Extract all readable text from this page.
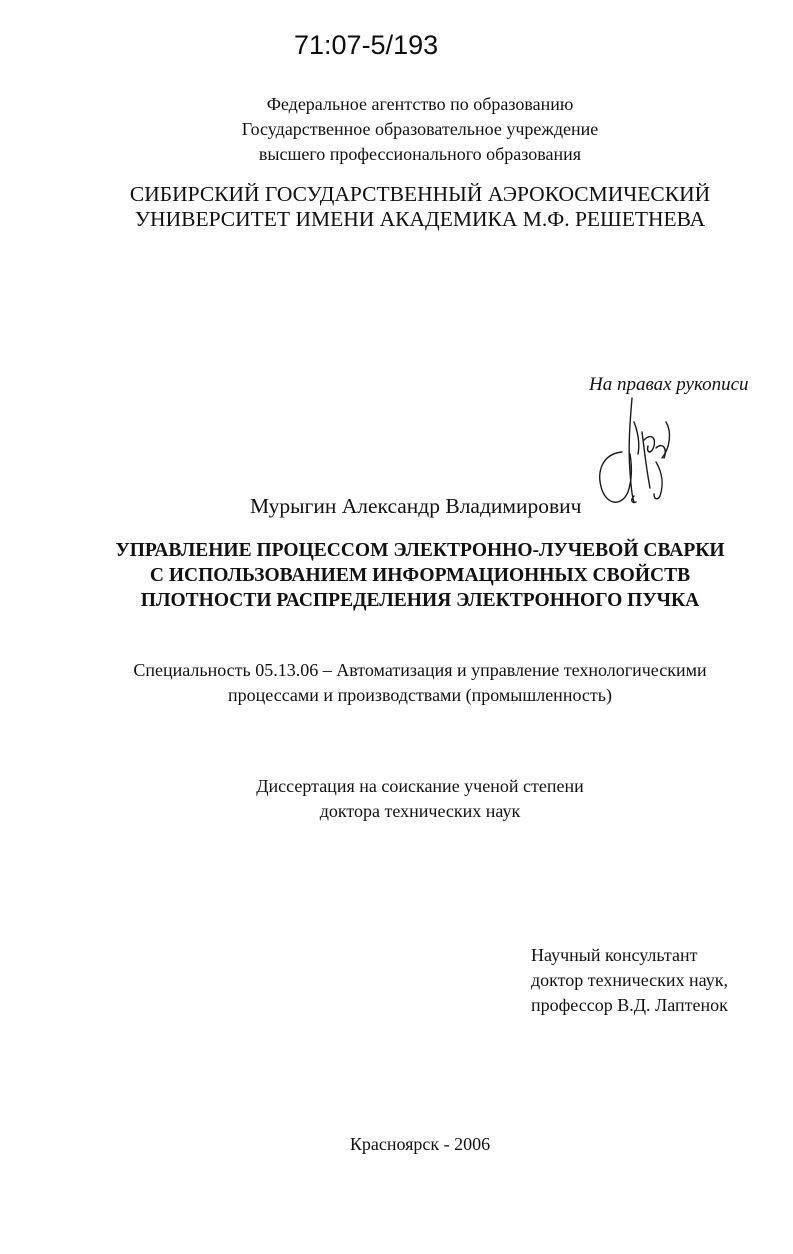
71:07-5/193
Федеральное агентство по образованию
Государственное образовательное учреждение
высшего профессионального образования
СИБИРСКИЙ ГОСУДАРСТВЕННЫЙ АЭРОКОСМИЧЕСКИЙ
УНИВЕРСИТЕТ ИМЕНИ АКАДЕМИКА М.Ф. РЕШЕТНЕВА
На правах рукописи
Мурыгин Александр Владимирович
УПРАВЛЕНИЕ ПРОЦЕССОМ ЭЛЕКТРОННО-ЛУЧЕВОЙ СВАРКИ
С ИСПОЛЬЗОВАНИЕМ ИНФОРМАЦИОННЫХ СВОЙСТВ
ПЛОТНОСТИ РАСПРЕДЕЛЕНИЯ ЭЛЕКТРОННОГО ПУЧКА
Специальность 05.13.06 – Автоматизация и управление технологическими
процессами и производствами (промышленность)
Диссертация на соискание ученой степени
доктора технических наук
Научный консультант
доктор технических наук,
профессор В.Д. Лаптенок
Красноярск - 2006
